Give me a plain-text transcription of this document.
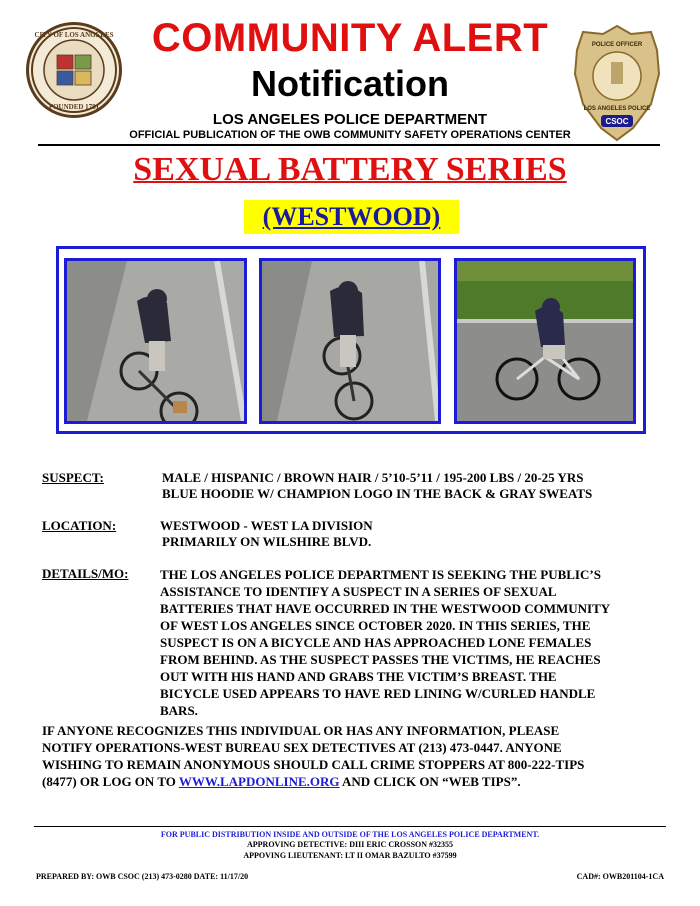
CITY OF LOS ANGELES
FOUNDED 1781
POLICE OFFICER
LOS ANGELES POLICE
CSOC
COMMUNITY ALERT
Notification
LOS ANGELES POLICE DEPARTMENT
OFFICIAL PUBLICATION OF THE OWB COMMUNITY SAFETY OPERATIONS CENTER
SEXUAL BATTERY SERIES
(WESTWOOD)
SUSPECT:	MALE / HISPANIC / BROWN HAIR / 5’10-5’11 / 195-200 LBS / 20-25 YRS
BLUE HOODIE W/ CHAMPION LOGO IN THE BACK & GRAY SWEATS
LOCATION:	WESTWOOD - WEST LA DIVISION
PRIMARILY ON WILSHIRE BLVD.
DETAILS/MO: THE LOS ANGELES POLICE DEPARTMENT IS SEEKING THE PUBLIC’S
ASSISTANCE TO IDENTIFY A SUSPECT IN A SERIES OF SEXUAL
BATTERIES THAT HAVE OCCURRED IN THE WESTWOOD COMMUNITY
OF WEST LOS ANGELES SINCE OCTOBER 2020. IN THIS SERIES, THE
SUSPECT IS ON A BICYCLE AND HAS APPROACHED LONE FEMALES
FROM BEHIND. AS THE SUSPECT PASSES THE VICTIMS, HE REACHES
OUT WITH HIS HAND AND GRABS THE VICTIM’S BREAST. THE
BICYCLE USED APPEARS TO HAVE RED LINING W/CURLED HANDLE
BARS.
IF ANYONE RECOGNIZES THIS INDIVIDUAL OR HAS ANY INFORMATION, PLEASE
NOTIFY OPERATIONS-WEST BUREAU SEX DETECTIVES AT (213) 473-0447. ANYONE
WISHING TO REMAIN ANONYMOUS SHOULD CALL CRIME STOPPERS AT 800-222-TIPS
(8477) OR LOG ON TO WWW.LAPDONLINE.ORG AND CLICK ON “WEB TIPS”.
FOR PUBLIC DISTRIBUTION INSIDE AND OUTSIDE OF THE LOS ANGELES POLICE DEPARTMENT.
APPROVING DETECTIVE: DIII ERIC CROSSON #32355
APPOVING LIEUTENANT: LT II OMAR BAZULTO #37599
PREPARED BY: OWB CSOC (213) 473-0280 DATE: 11/17/20	CAD#: OWB201104-1CA
